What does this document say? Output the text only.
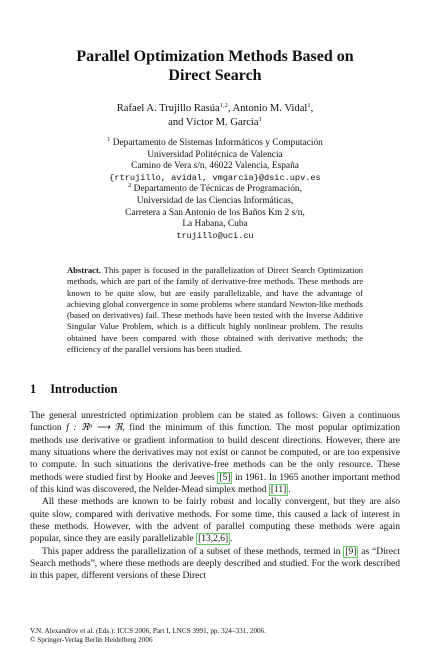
Parallel Optimization Methods Based on
Direct Search
Rafael A. Trujillo Rasúa$^{1,2}$, Antonio M. Vidal$^1$,
and Víctor M. García$^1$
$^1$ Departamento de Sistemas Informáticos y Computación
Universidad Politécnica de Valencia
Camino de Vera s/n, 46022 Valencia, España
{rtrujillo, avidal, vmgarcia}@dsic.upv.es
$^2$ Departamento de Técnicas de Programación,
Universidad de las Ciencias Informáticas,
Carretera a San Antonio de los Baños Km 2 s/n,
La Habana, Cuba
trujillo@uci.cu
Abstract. This paper is focused in the parallelization of Direct Search Optimization methods, which are part of the family of derivative-free methods. These methods are known to be quite slow, but are easily parallelizable, and have the advantage of achieving global convergence in some problems where standard Newton-like methods (based on derivatives) fail. These methods have been tested with the Inverse Additive Singular Value Problem, which is a difficult highly nonlinear problem. The results obtained have been compared with those obtained with derivative methods; the efficiency of the parallel versions has been studied.
1 Introduction

The general unrestricted optimization problem can be stated as follows: Given a continuous function f : ℜⁿ ⟶ ℜ, find the minimum of this function. The most popular optimization methods use derivative or gradient information to build descent directions. However, there are many situations where the derivatives may not exist or cannot be computed, or are too expensive to compute. In such situations the derivative-free methods can be the only resource. These methods were studied first by Hooke and Jeeves [5] in 1961. In 1965 another important method of this kind was discovered, the Nelder-Mead simplex method [11] .

All these methods are known to be fairly robust and locally convergent, but they are also quite slow, compared with derivative methods. For some time, this caused a lack of interest in these methods. However, with the advent of parallel computing these methods were again popular, since they are easily parallelizable [13,2,6] .

This paper address the parallelization of a subset of these methods, termed in [9] as “Direct Search methods”, where these methods are deeply described and studied. For the work described in this paper, different versions of these Direct

V.N. Alexandrov et al. (Eds.): ICCS 2006, Part I, LNCS 3991, pp. 324–331, 2006.
© Springer-Verlag Berlin Heidelberg 2006
